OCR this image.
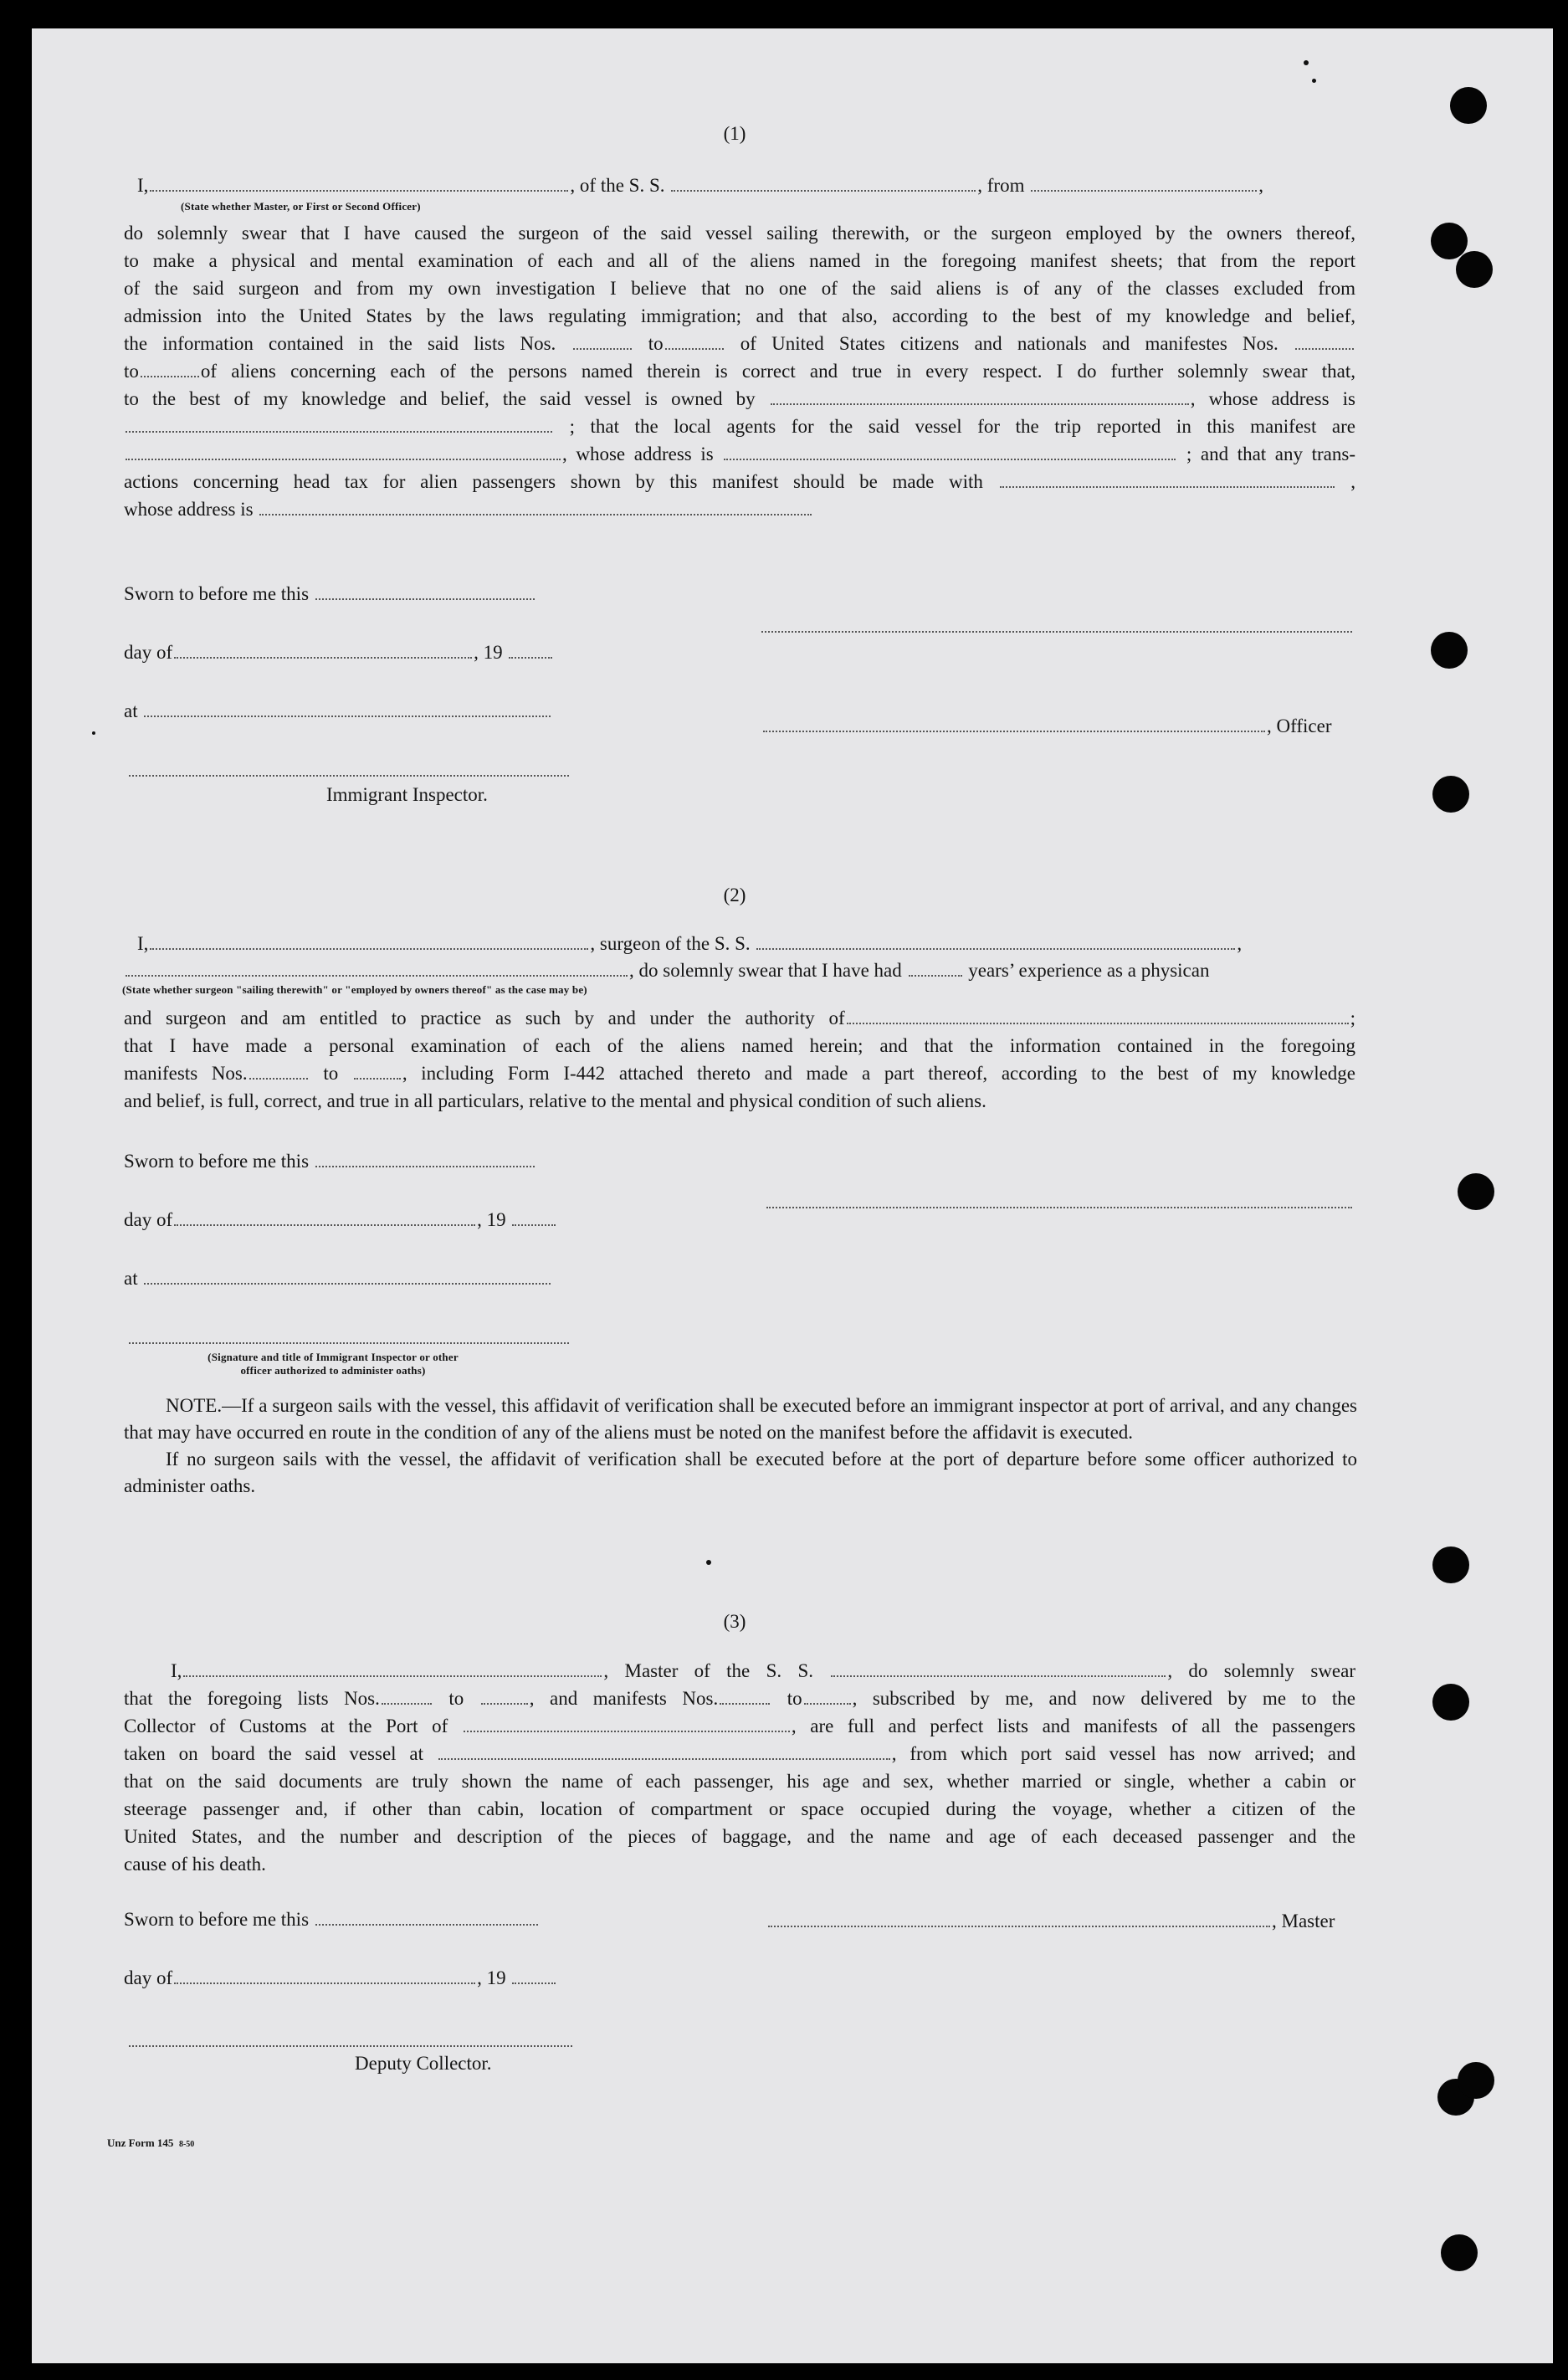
(1)
I,	, of the S. S.	, from	,
(State whether Master, or First or Second Officer)
do solemnly swear that I have caused the surgeon of the said vessel sailing therewith, or the surgeon employed by the owners thereof,
to make a physical and mental examination of each and all of the aliens named in the foregoing manifest sheets; that from the report
of the said surgeon and from my own investigation I believe that no one of the said aliens is of any of the classes excluded from
admission into the United States by the laws regulating immigration; and that also, according to the best of my knowledge and belief,
the information contained in the said lists Nos.	to	of United States citizens and nationals and manifestes Nos.
to	of aliens concerning each of the persons named therein is correct and true in every respect. I do further solemnly swear that,
to the best of my knowledge and belief, the said vessel is owned by	, whose address is
; that the local agents for the said vessel for the trip reported in this manifest are
, whose address is	; and that any trans-
actions concerning head tax for alien passengers shown by this manifest should be made with	,
whose address is
Sworn to before me this
day of	, 19
at
, Officer
Immigrant Inspector.
(2)
I,	, surgeon of the S. S.	,
, do solemnly swear that I have had	years’ experience as a physican
(State whether surgeon "sailing therewith" or "employed by owners thereof" as the case may be)
and surgeon and am entitled to practice as such by and under the authority of	;
that I have made a personal examination of each of the aliens named herein; and that the information contained in the foregoing
manifests Nos.	to	, including Form I-442 attached thereto and made a part thereof, according to the best of my knowledge
and belief, is full, correct, and true in all particulars, relative to the mental and physical condition of such aliens.
Sworn to before me this
day of	, 19
at
(Signature and title of Immigrant Inspector or other
officer authorized to administer oaths)
NOTE.—If a surgeon sails with the vessel, this affidavit of verification shall be executed before an immigrant inspector at port of arrival, and any changes that may have occurred en route in the condition of any of the aliens must be noted on the manifest before the affidavit is executed.
If no surgeon sails with the vessel, the affidavit of verification shall be executed before at the port of departure before some officer authorized to administer oaths.
(3)
I,	, Master of the S. S.	, do solemnly swear
that the foregoing lists Nos.	to	, and manifests Nos.	to	, subscribed by me, and now delivered by me to the
Collector of Customs at the Port of	, are full and perfect lists and manifests of all the passengers
taken on board the said vessel at	, from which port said vessel has now arrived; and
that on the said documents are truly shown the name of each passenger, his age and sex, whether married or single, whether a cabin or
steerage passenger and, if other than cabin, location of compartment or space occupied during the voyage, whether a citizen of the
United States, and the number and description of the pieces of baggage, and the name and age of each deceased passenger and the
cause of his death.
Sworn to before me this	, Master
day of	, 19
Deputy Collector.
Unz Form 145 8-50
